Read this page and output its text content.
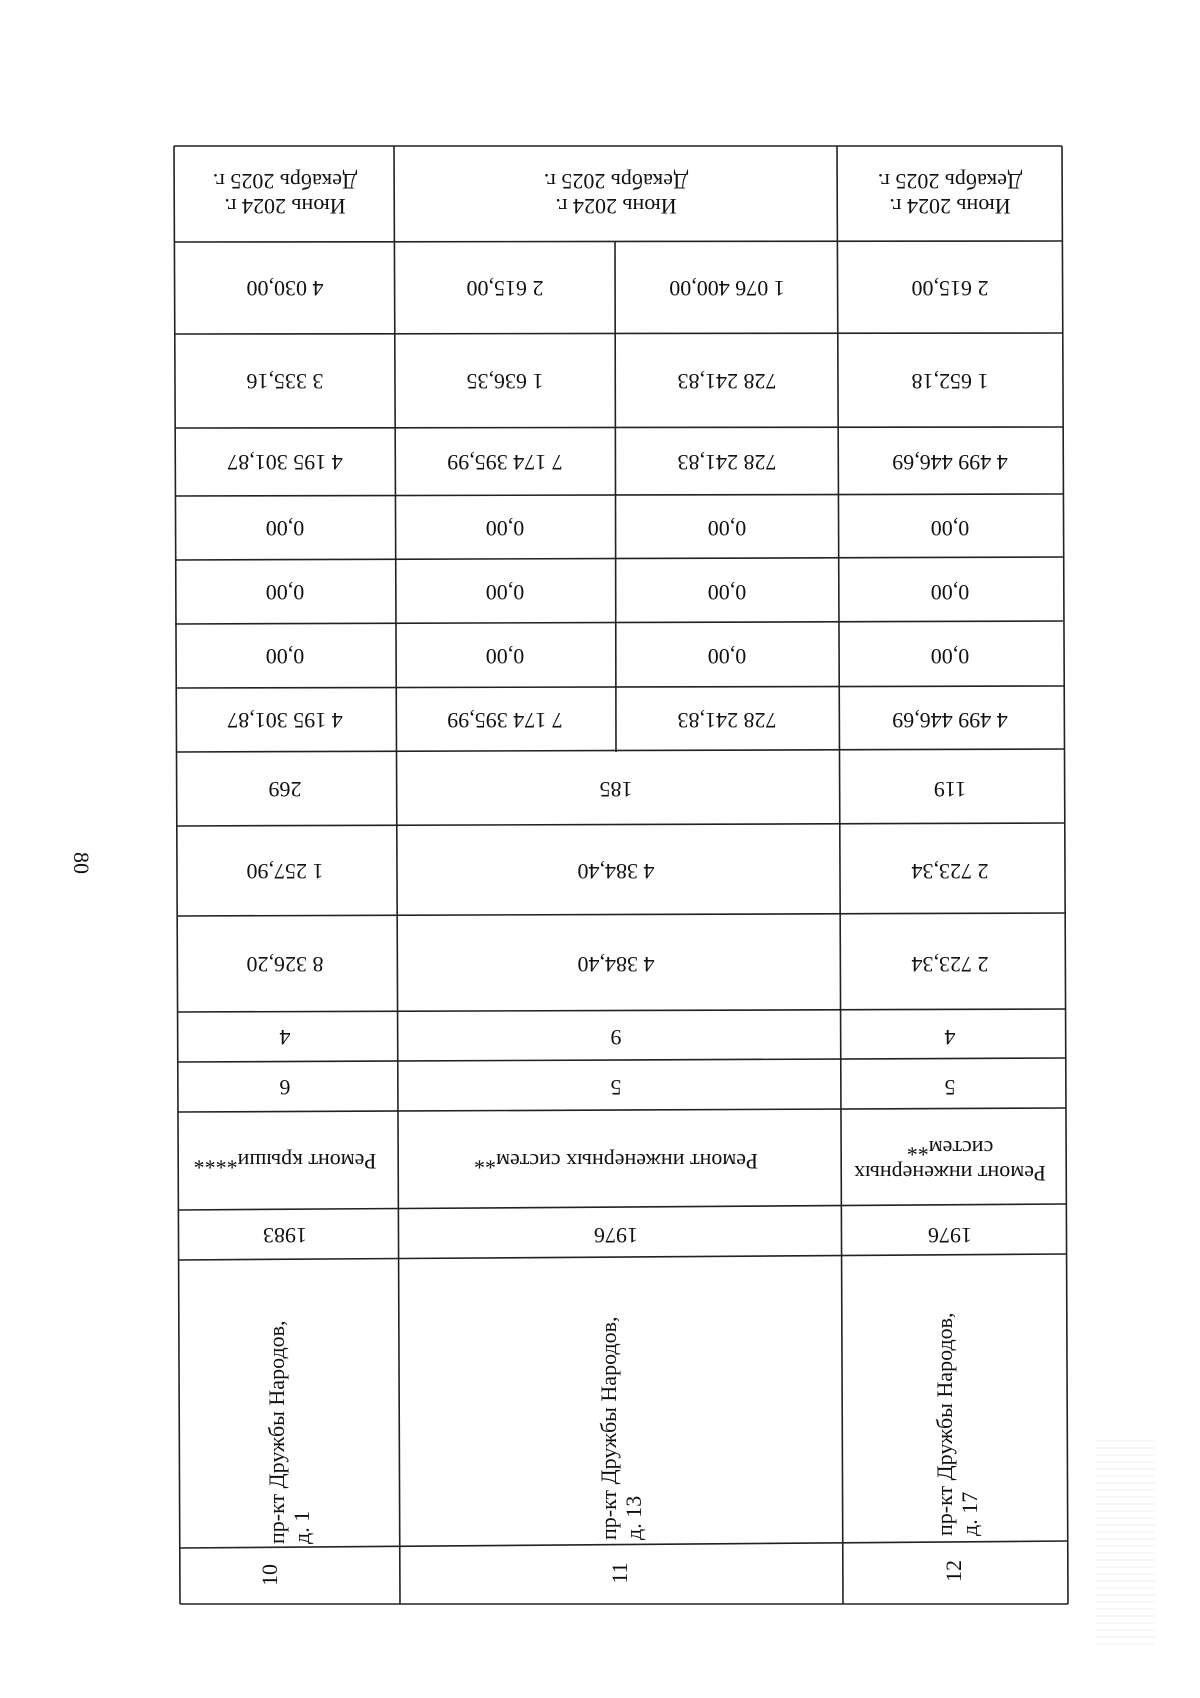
80
Июнь 2024 г.
Декабрь 2025 г.
4 030,00
3 335,16
4 195 301,87
0,00
0,00
0,00
4 195 301,87
269
1 257,90
8 326,20
4
6
Ремонт крыши****
1983
пр-кт Дружбы Народов, д. 1
10
Июнь 2024 г.
Декабрь 2025 г.
2 615,00
1 636,35
7 174 395,99
0,00
0,00
0,00
7 174 395,99
1 076 400,00
728 241,83
728 241,83
0,00
0,00
0,00
728 241,83
185
4 384,40
4 384,40
9
5
Ремонт инженерных систем**
1976
пр-кт Дружбы Народов, д. 13
11
Июнь 2024 г.
Декабрь 2025 г.
2 615,00
1 652,18
4 499 446,69
0,00
0,00
0,00
4 499 446,69
119
2 723,34
2 723,34
4
5
Ремонт инженерных
систем**
1976
пр-кт Дружбы Народов, д. 17
12
